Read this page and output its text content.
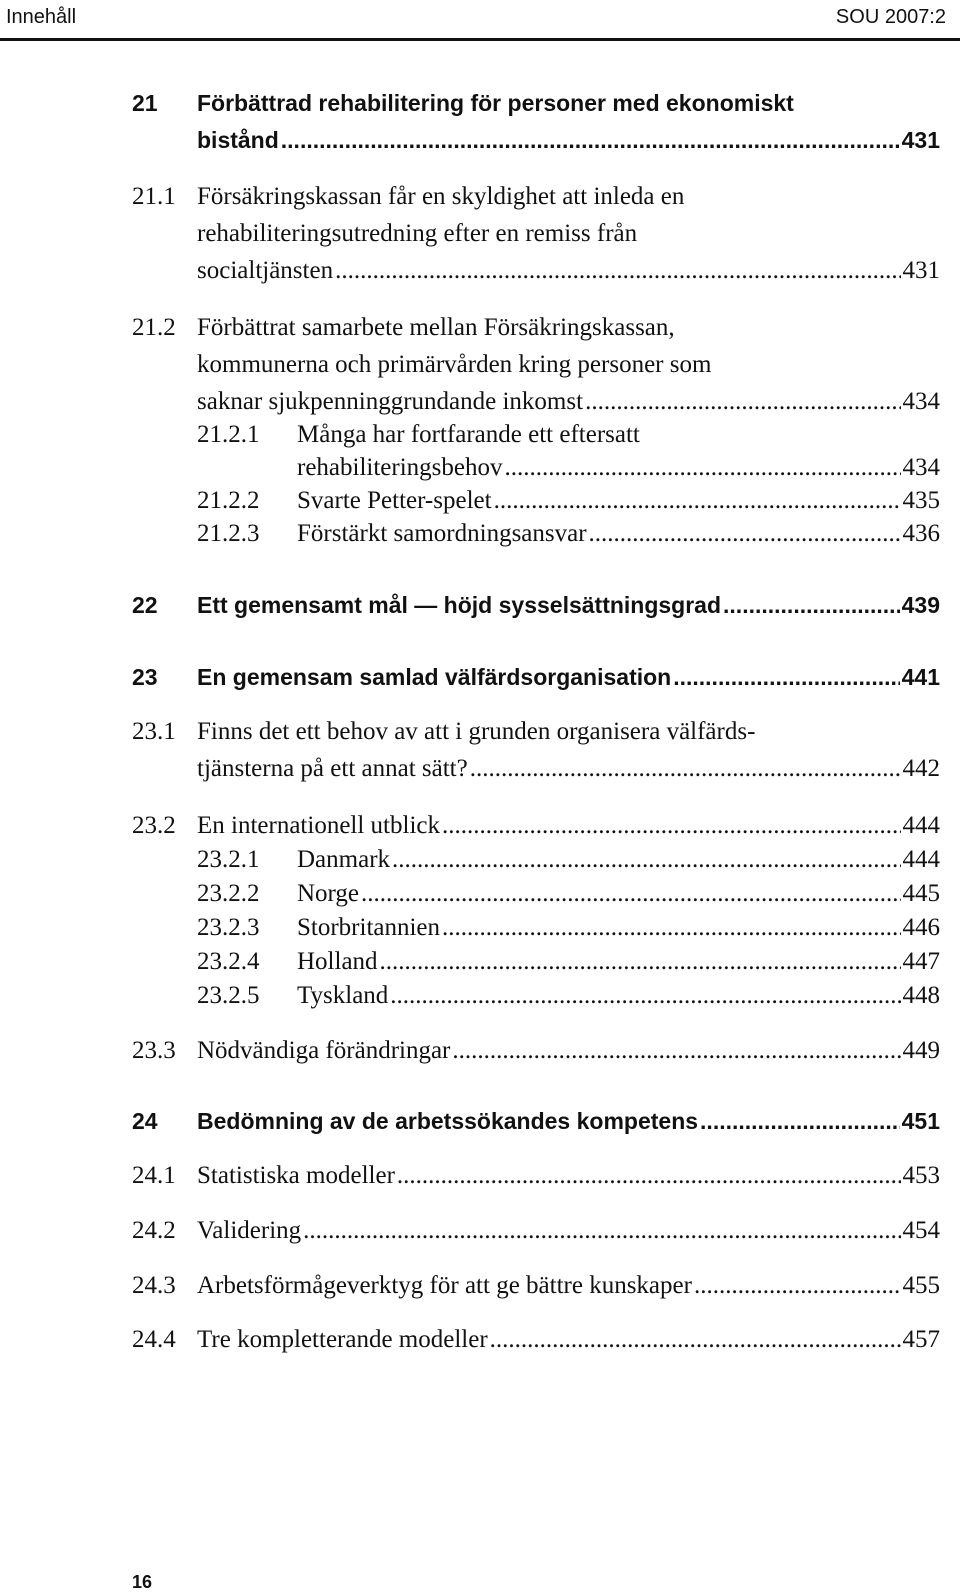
Innehåll	SOU 2007:2
21 Förbättrad rehabilitering för personer med ekonomiskt
bistånd .....	431
21.1 Försäkringskassan får en skyldighet att inleda en
rehabiliteringsutredning efter en remiss från
socialtjänsten .....	431
21.2 Förbättrat samarbete mellan Försäkringskassan,
kommunerna och primärvården kring personer som
saknar sjukpenninggrundande inkomst .....	434
21.2.1 Många har fortfarande ett eftersatt
rehabiliteringsbehov .....	434
21.2.2 Svarte Petter-spelet .....	435
21.2.3 Förstärkt samordningsansvar .....	436
22 Ett gemensamt mål — höjd sysselsättningsgrad .....	439
23 En gemensam samlad välfärdsorganisation .....	441
23.1 Finns det ett behov av att i grunden organisera välfärds-
tjänsterna på ett annat sätt? .....	442
23.2 En internationell utblick .....	444
23.2.1 Danmark .....	444
23.2.2 Norge .....	445
23.2.3 Storbritannien .....	446
23.2.4 Holland .....	447
23.2.5 Tyskland .....	448
23.3 Nödvändiga förändringar .....	449
24 Bedömning av de arbetssökandes kompetens .....	451
24.1 Statistiska modeller .....	453
24.2 Validering .....	454
24.3 Arbetsförmågeverktyg för att ge bättre kunskaper .....	455
24.4 Tre kompletterande modeller .....	457
16
